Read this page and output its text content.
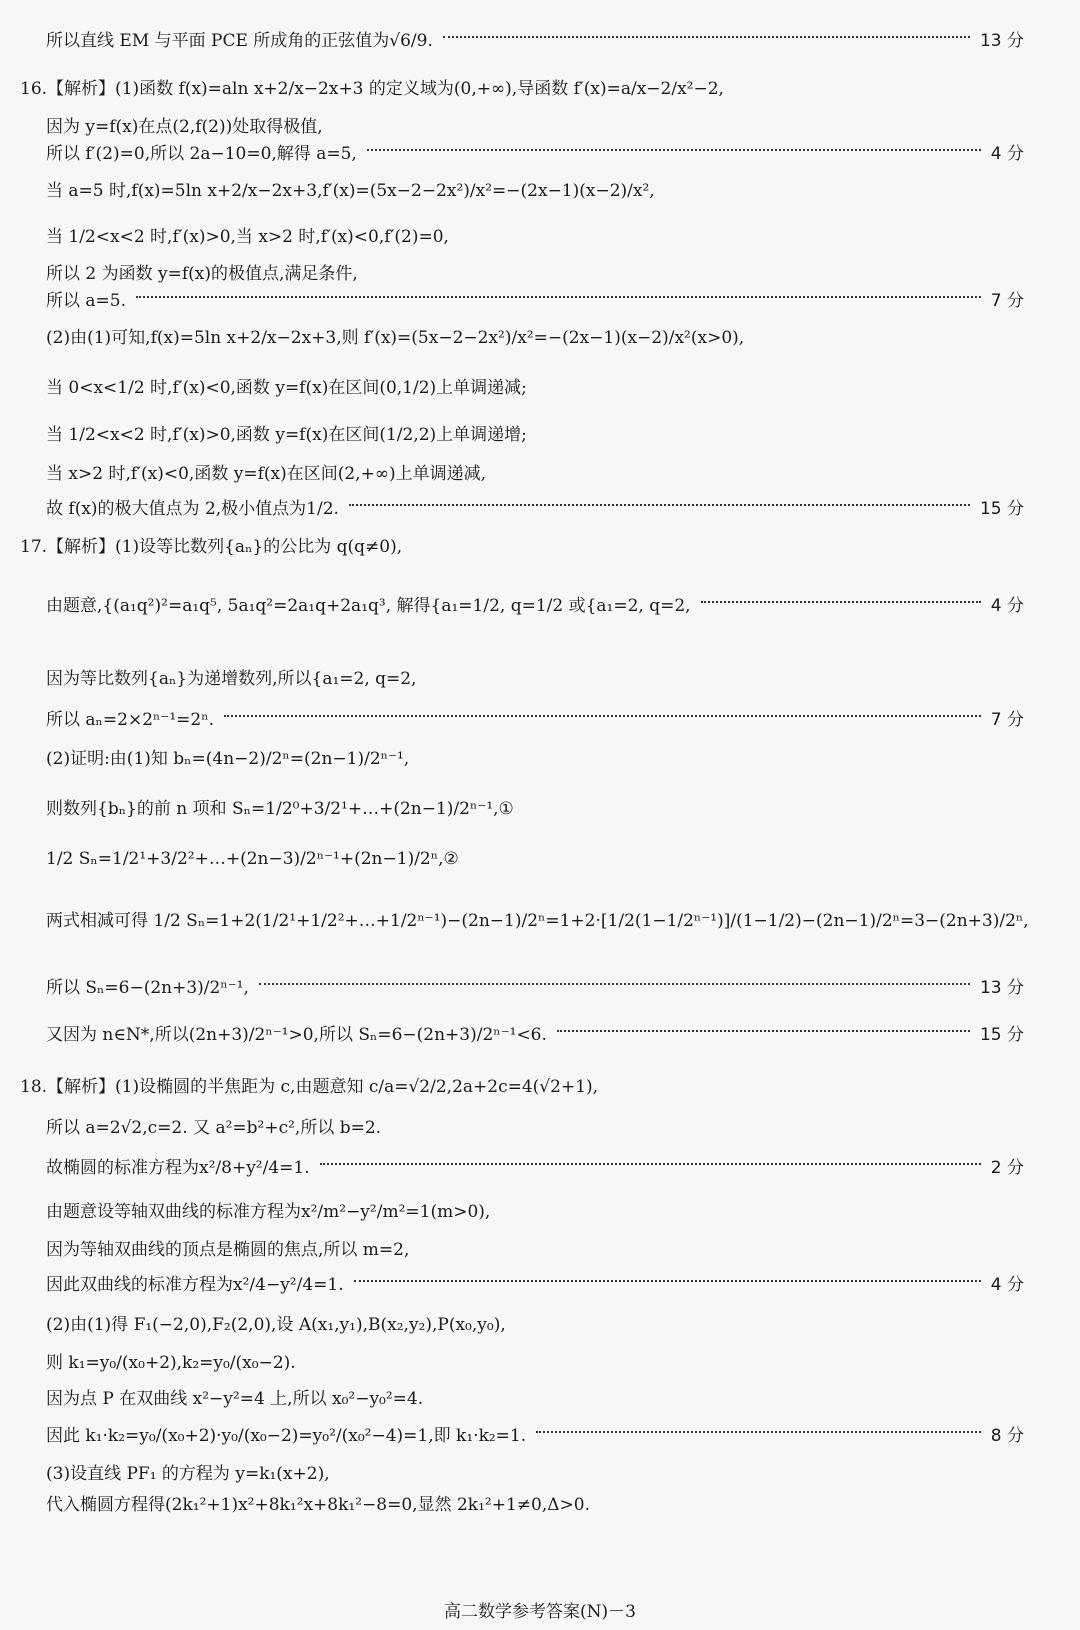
所以直线 EM 与平面 PCE 所成角的正弦值为√6/9.	13 分
16.【解析】(1)函数 f(x)=aln x+2/x−2x+3 的定义域为(0,+∞),导函数 f′(x)=a/x−2/x²−2,
因为 y=f(x)在点(2,f(2))处取得极值,
所以 f′(2)=0,所以 2a−10=0,解得 a=5,	4 分
当 a=5 时,f(x)=5ln x+2/x−2x+3,f′(x)=(5x−2−2x²)/x²=−(2x−1)(x−2)/x²,
当 1/2<x<2 时,f′(x)>0,当 x>2 时,f′(x)<0,f′(2)=0,
所以 2 为函数 y=f(x)的极值点,满足条件,
所以 a=5.	7 分
(2)由(1)可知,f(x)=5ln x+2/x−2x+3,则 f′(x)=(5x−2−2x²)/x²=−(2x−1)(x−2)/x²(x>0),
当 0<x<1/2 时,f′(x)<0,函数 y=f(x)在区间(0,1/2)上单调递减;
当 1/2<x<2 时,f′(x)>0,函数 y=f(x)在区间(1/2,2)上单调递增;
当 x>2 时,f′(x)<0,函数 y=f(x)在区间(2,+∞)上单调递减,
故 f(x)的极大值点为 2,极小值点为1/2.	15 分
17.【解析】(1)设等比数列{aₙ}的公比为 q(q≠0),
由题意,{(a₁q²)²=a₁q⁵, 5a₁q²=2a₁q+2a₁q³, 解得{a₁=1/2, q=1/2 或{a₁=2, q=2,	4 分
因为等比数列{aₙ}为递增数列,所以{a₁=2, q=2,
所以 aₙ=2×2ⁿ⁻¹=2ⁿ.	7 分
(2)证明:由(1)知 bₙ=(4n−2)/2ⁿ=(2n−1)/2ⁿ⁻¹,
则数列{bₙ}的前 n 项和 Sₙ=1/2⁰+3/2¹+…+(2n−1)/2ⁿ⁻¹,①
1/2 Sₙ=1/2¹+3/2²+…+(2n−3)/2ⁿ⁻¹+(2n−1)/2ⁿ,②
两式相减可得 1/2 Sₙ=1+2(1/2¹+1/2²+…+1/2ⁿ⁻¹)−(2n−1)/2ⁿ=1+2·[1/2(1−1/2ⁿ⁻¹)]/(1−1/2)−(2n−1)/2ⁿ=3−(2n+3)/2ⁿ,
所以 Sₙ=6−(2n+3)/2ⁿ⁻¹,	13 分
又因为 n∈N*,所以(2n+3)/2ⁿ⁻¹>0,所以 Sₙ=6−(2n+3)/2ⁿ⁻¹<6.	15 分
18.【解析】(1)设椭圆的半焦距为 c,由题意知 c/a=√2/2,2a+2c=4(√2+1),
所以 a=2√2,c=2. 又 a²=b²+c²,所以 b=2.
故椭圆的标准方程为x²/8+y²/4=1.	2 分
由题意设等轴双曲线的标准方程为x²/m²−y²/m²=1(m>0),
因为等轴双曲线的顶点是椭圆的焦点,所以 m=2,
因此双曲线的标准方程为x²/4−y²/4=1.	4 分
(2)由(1)得 F₁(−2,0),F₂(2,0),设 A(x₁,y₁),B(x₂,y₂),P(x₀,y₀),
则 k₁=y₀/(x₀+2),k₂=y₀/(x₀−2).
因为点 P 在双曲线 x²−y²=4 上,所以 x₀²−y₀²=4.
因此 k₁·k₂=y₀/(x₀+2)·y₀/(x₀−2)=y₀²/(x₀²−4)=1,即 k₁·k₂=1.	8 分
(3)设直线 PF₁ 的方程为 y=k₁(x+2),
代入椭圆方程得(2k₁²+1)x²+8k₁²x+8k₁²−8=0,显然 2k₁²+1≠0,Δ>0.
高二数学参考答案(N)－3
